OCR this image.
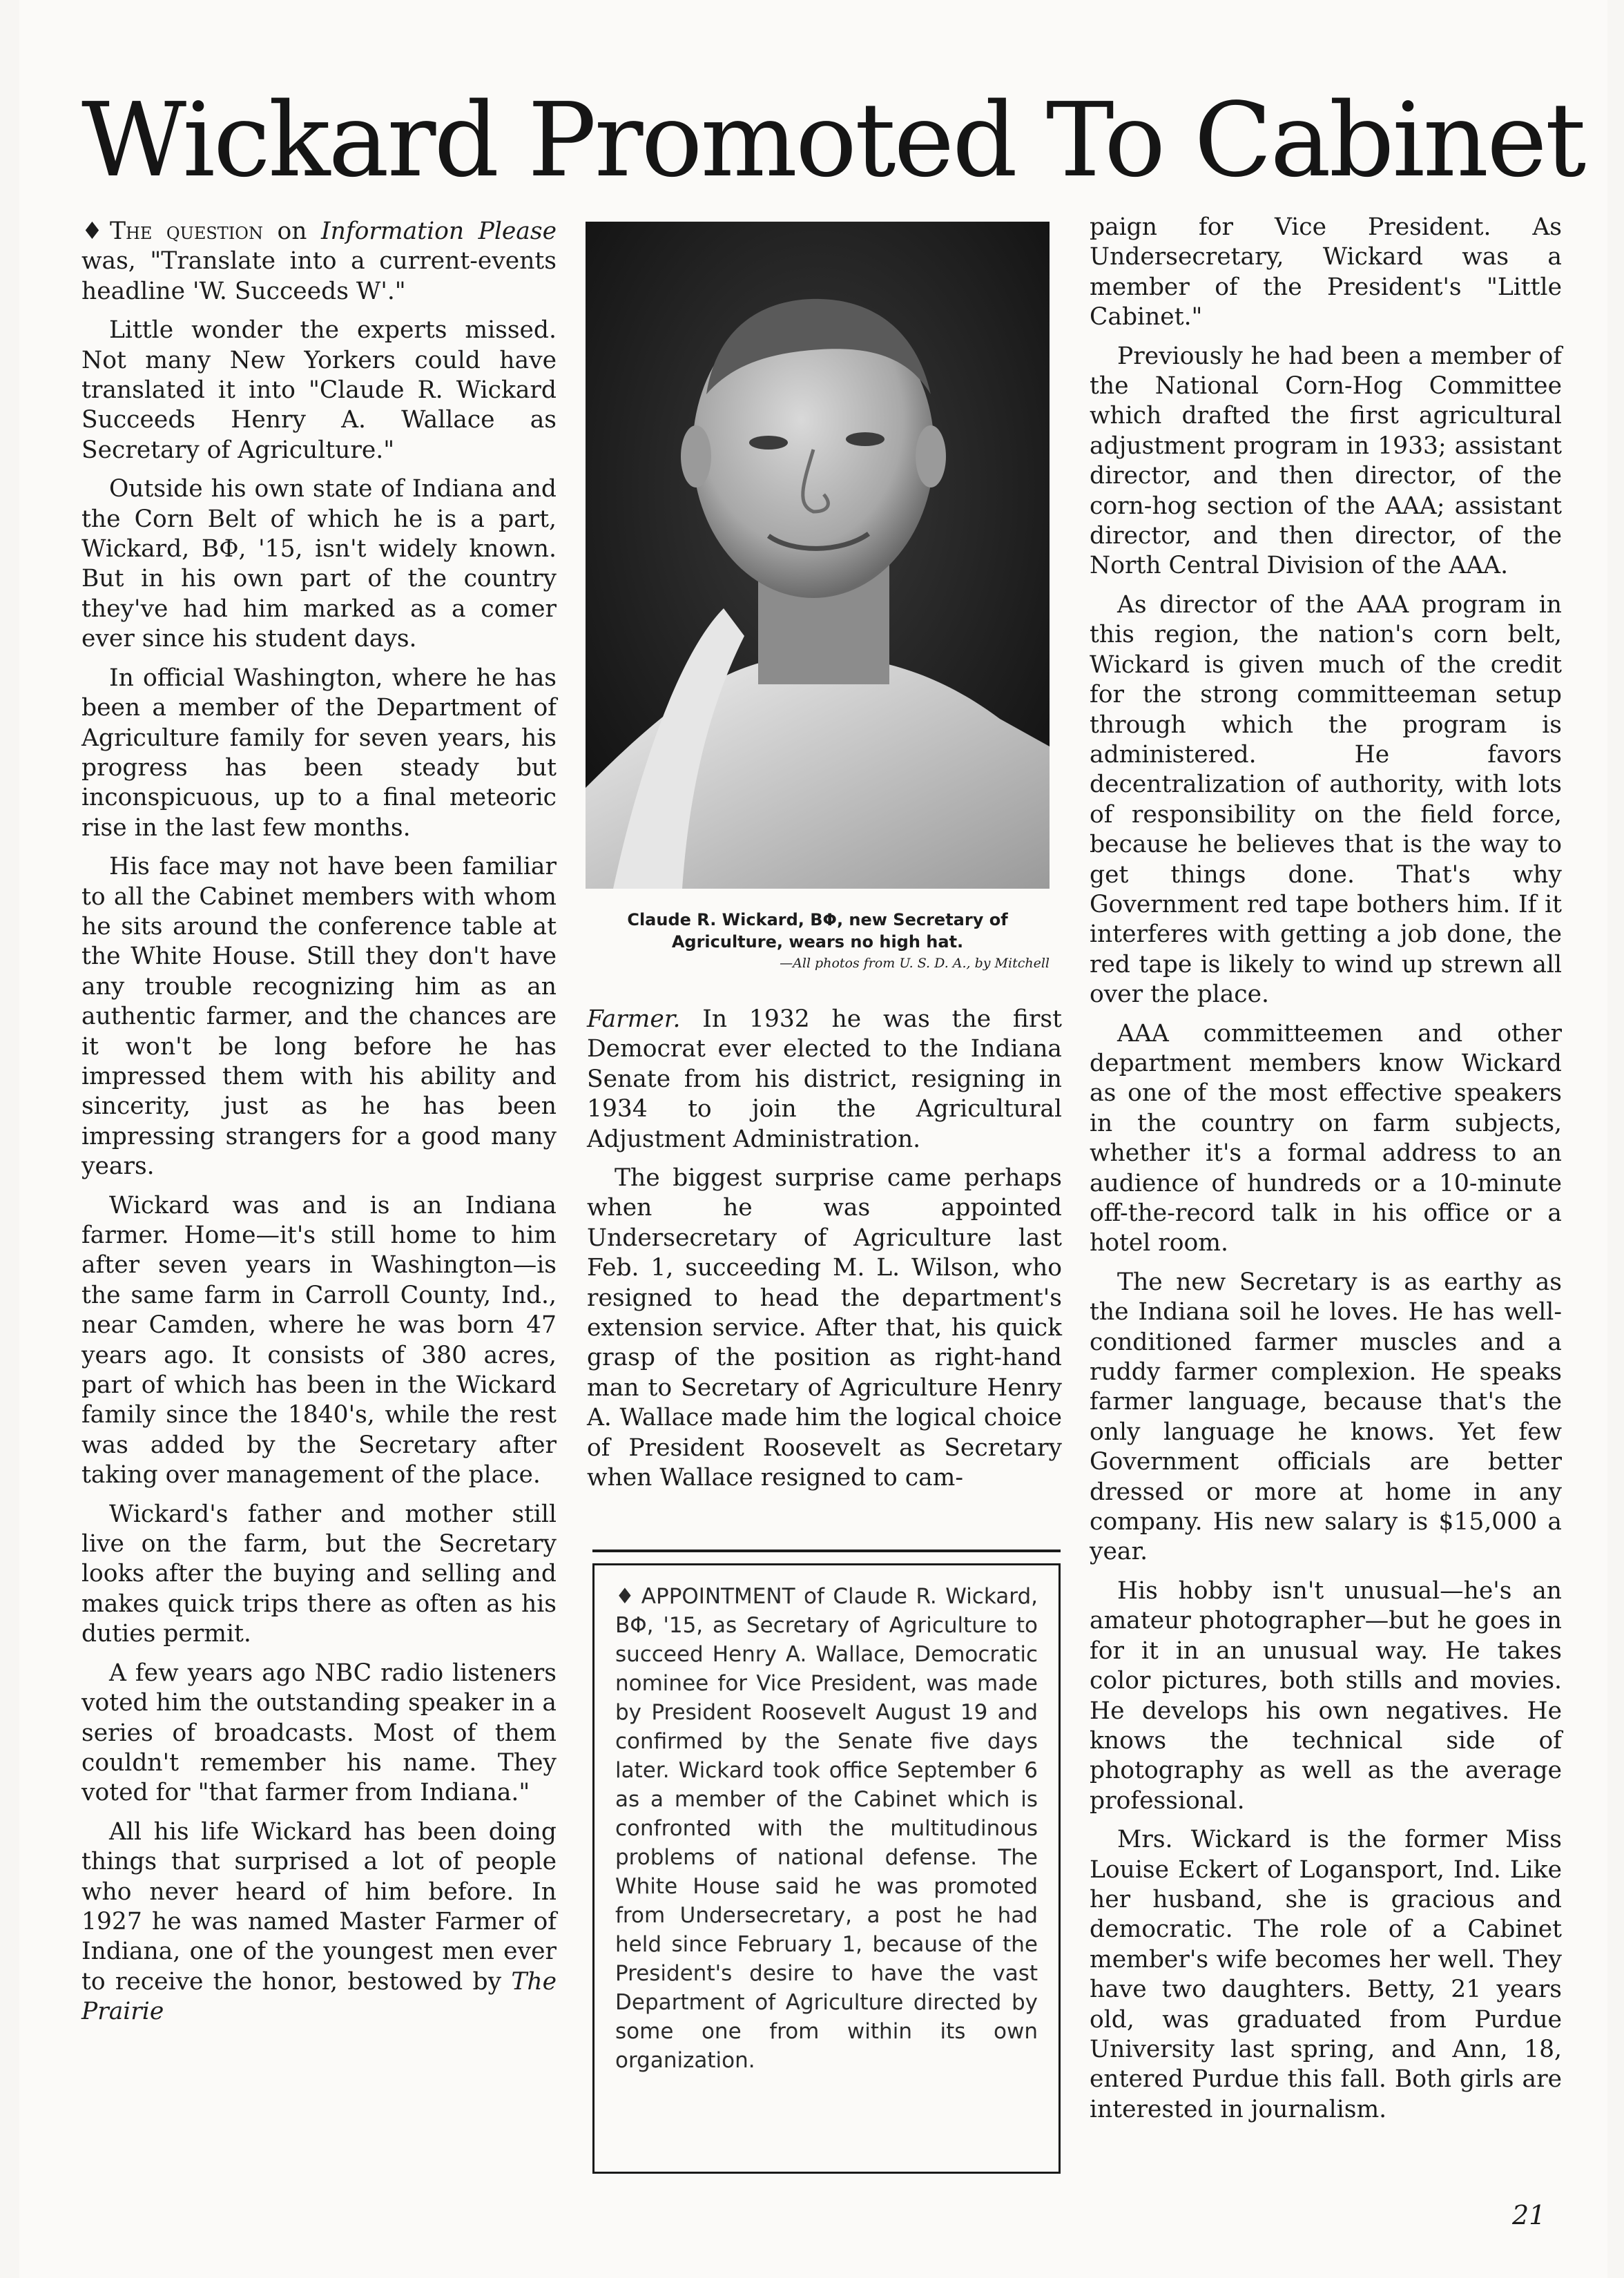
Wickard Promoted To Cabinet

♦ The question on Information Please was, "Translate into a current-events headline 'W. Succeeds W'."

Little wonder the experts missed. Not many New Yorkers could have translated it into "Claude R. Wickard Succeeds Henry A. Wallace as Secretary of Agriculture."

Outside his own state of Indiana and the Corn Belt of which he is a part, Wickard, ΒΦ, '15, isn't widely known. But in his own part of the country they've had him marked as a comer ever since his student days.

In official Washington, where he has been a member of the Department of Agriculture family for seven years, his progress has been steady but inconspicuous, up to a final meteoric rise in the last few months.

His face may not have been familiar to all the Cabinet members with whom he sits around the conference table at the White House. Still they don't have any trouble recognizing him as an authentic farmer, and the chances are it won't be long before he has impressed them with his ability and sincerity, just as he has been impressing strangers for a good many years.

Wickard was and is an Indiana farmer. Home—it's still home to him after seven years in Washington—is the same farm in Carroll County, Ind., near Camden, where he was born 47 years ago. It consists of 380 acres, part of which has been in the Wickard family since the 1840's, while the rest was added by the Secretary after taking over management of the place.

Wickard's father and mother still live on the farm, but the Secretary looks after the buying and selling and makes quick trips there as often as his duties permit.

A few years ago NBC radio listeners voted him the outstanding speaker in a series of broadcasts. Most of them couldn't remember his name. They voted for "that farmer from Indiana."

All his life Wickard has been doing things that surprised a lot of people who never heard of him before. In 1927 he was named Master Farmer of Indiana, one of the youngest men ever to receive the honor, bestowed by The Prairie

Claude R. Wickard, ΒΦ, new Secretary of Agriculture, wears no high hat.
—All photos from U. S. D. A., by Mitchell

Farmer. In 1932 he was the first Democrat ever elected to the Indiana Senate from his district, resigning in 1934 to join the Agricultural Adjustment Administration.

The biggest surprise came perhaps when he was appointed Undersecretary of Agriculture last Feb. 1, succeeding M. L. Wilson, who resigned to head the department's extension service. After that, his quick grasp of the position as right-hand man to Secretary of Agriculture Henry A. Wallace made him the logical choice of President Roosevelt as Secretary when Wallace resigned to cam-

♦ APPOINTMENT of Claude R. Wickard, ΒΦ, '15, as Secretary of Agriculture to succeed Henry A. Wallace, Democratic nominee for Vice President, was made by President Roosevelt August 19 and confirmed by the Senate five days later. Wickard took office September 6 as a member of the Cabinet which is confronted with the multitudinous problems of national defense. The White House said he was promoted from Undersecretary, a post he had held since February 1, because of the President's desire to have the vast Department of Agriculture directed by some one from within its own organization.

paign for Vice President. As Undersecretary, Wickard was a member of the President's "Little Cabinet."

Previously he had been a member of the National Corn-Hog Committee which drafted the first agricultural adjustment program in 1933; assistant director, and then director, of the corn-hog section of the AAA; assistant director, and then director, of the North Central Division of the AAA.

As director of the AAA program in this region, the nation's corn belt, Wickard is given much of the credit for the strong committeeman setup through which the program is administered. He favors decentralization of authority, with lots of responsibility on the field force, because he believes that is the way to get things done. That's why Government red tape bothers him. If it interferes with getting a job done, the red tape is likely to wind up strewn all over the place.

AAA committeemen and other department members know Wickard as one of the most effective speakers in the country on farm subjects, whether it's a formal address to an audience of hundreds or a 10-minute off-the-record talk in his office or a hotel room.

The new Secretary is as earthy as the Indiana soil he loves. He has well-conditioned farmer muscles and a ruddy farmer complexion. He speaks farmer language, because that's the only language he knows. Yet few Government officials are better dressed or more at home in any company. His new salary is $15,000 a year.

His hobby isn't unusual—he's an amateur photographer—but he goes in for it in an unusual way. He takes color pictures, both stills and movies. He develops his own negatives. He knows the technical side of photography as well as the average professional.

Mrs. Wickard is the former Miss Louise Eckert of Logansport, Ind. Like her husband, she is gracious and democratic. The role of a Cabinet member's wife becomes her well. They have two daughters. Betty, 21 years old, was graduated from Purdue University last spring, and Ann, 18, entered Purdue this fall. Both girls are interested in journalism.

21
